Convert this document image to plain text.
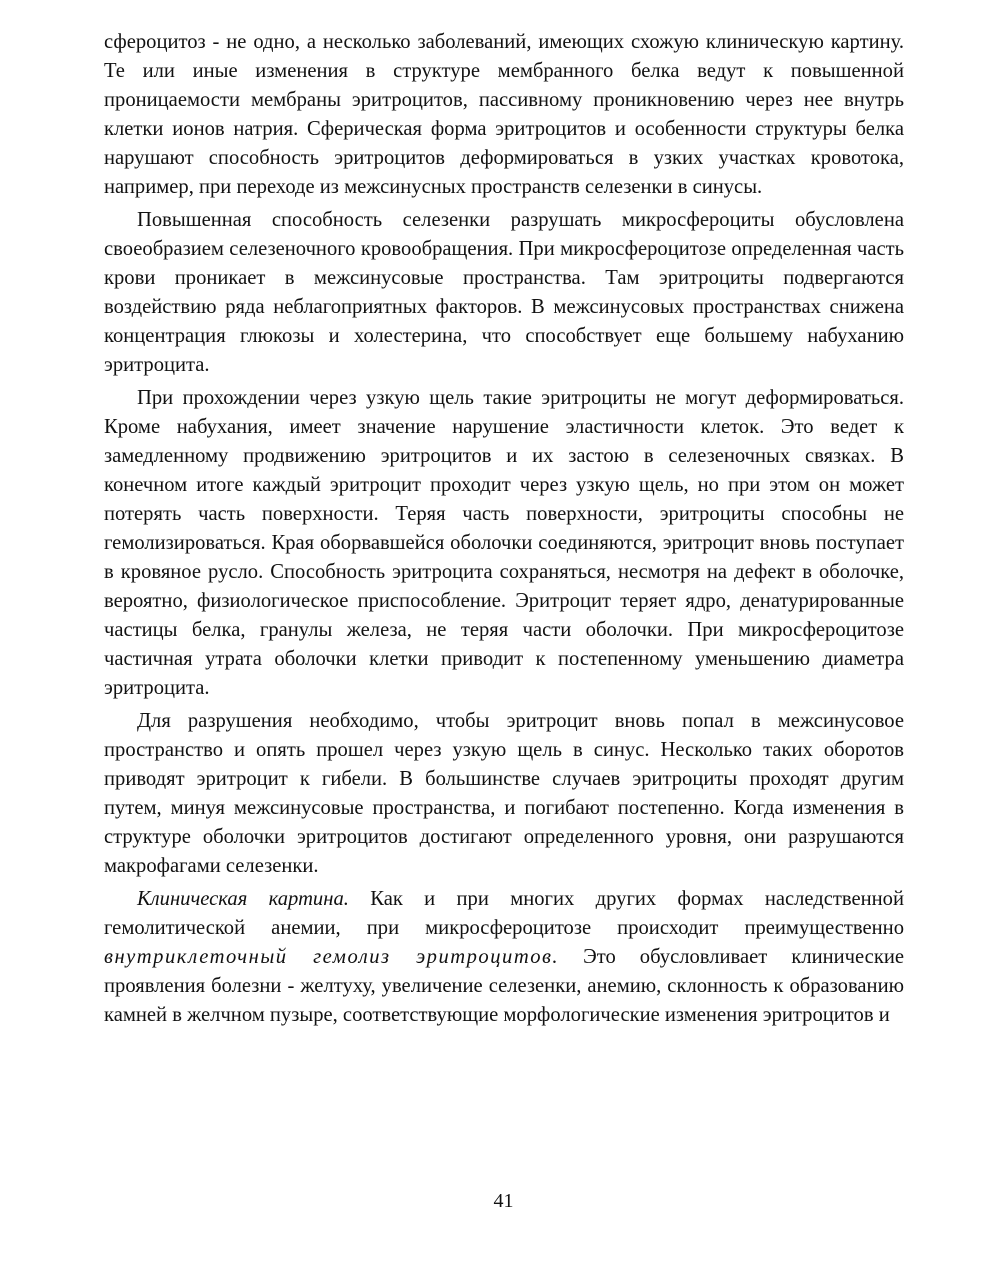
сфероцитоз - не одно, а несколько заболеваний, имеющих схожую клиническую картину. Те или иные изменения в структуре мембранного белка ведут к повышенной проницаемости мембраны эритроцитов, пассивному проникновению через нее внутрь клетки ионов натрия. Сферическая форма эритроцитов и особенности структуры белка нарушают способность эритроцитов деформироваться в узких участках кровотока, например, при переходе из межсинусных пространств селезенки в синусы.

Повышенная способность селезенки разрушать микросфероциты обусловлена своеобразием селезеночного кровообращения. При микросфероцитозе определенная часть крови проникает в межсинусовые пространства. Там эритроциты подвергаются воздействию ряда неблагоприятных факторов. В межсинусовых пространствах снижена концентрация глюкозы и холестерина, что способствует еще большему набуханию эритроцита.

При прохождении через узкую щель такие эритроциты не могут деформироваться. Кроме набухания, имеет значение нарушение эластичности клеток. Это ведет к замедленному продвижению эритроцитов и их застою в селезеночных связках. В конечном итоге каждый эритроцит проходит через узкую щель, но при этом он может потерять часть поверхности. Теряя часть поверхности, эритроциты способны не гемолизироваться. Края оборвавшейся оболочки соединяются, эритроцит вновь поступает в кровяное русло. Способность эритроцита сохраняться, несмотря на дефект в оболочке, вероятно, физиологическое приспособление. Эритроцит теряет ядро, денатурированные частицы белка, гранулы железа, не теряя части оболочки. При микросфероцитозе частичная утрата оболочки клетки приводит к постепенному уменьшению диаметра эритроцита.

Для разрушения необходимо, чтобы эритроцит вновь попал в межсинусовое пространство и опять прошел через узкую щель в синус. Несколько таких оборотов приводят эритроцит к гибели. В большинстве случаев эритроциты проходят другим путем, минуя межсинусовые пространства, и погибают постепенно. Когда изменения в структуре оболочки эритроцитов достигают определенного уровня, они разрушаются макрофагами селезенки.

Клиническая картина. Как и при многих других формах наследственной гемолитической анемии, при микросфероцитозе происходит преимущественно внутриклеточный гемолиз эритроцитов. Это обусловливает клинические проявления болезни - желтуху, увеличение селезенки, анемию, склонность к образованию камней в желчном пузыре, соответствующие морфологические изменения эритроцитов и

41
